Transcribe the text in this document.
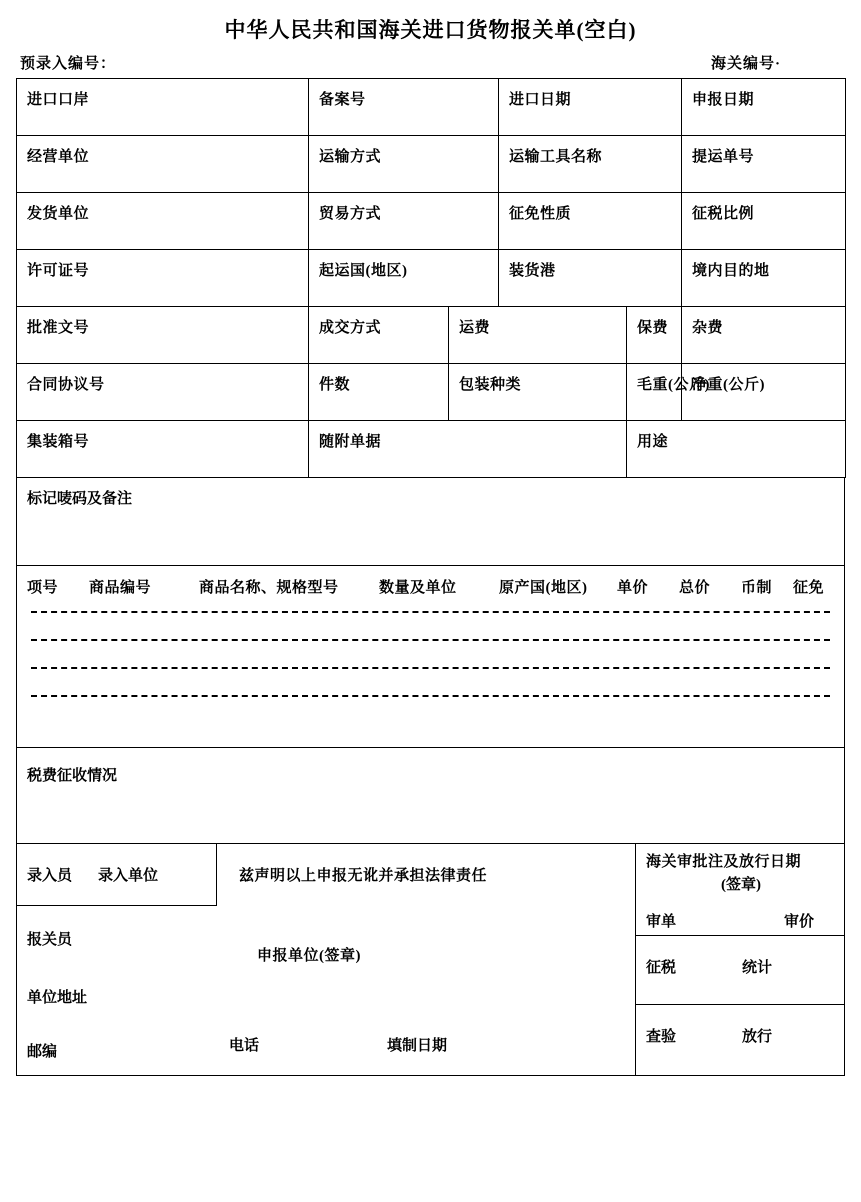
中华人民共和国海关进口货物报关单(空白)
预录入编号：	海关编号·
进口口岸	备案号		进口日期		申报日期
经营单位	运输方式		运输工具名称		提运单号
发货单位	贸易方式		征免性质		征税比例
许可证号	起运国(地区)		装货港		境内目的地
批准文号	成交方式	运费		保费	杂费
合同协议号	件数	包装种类		毛重(公斤)	净重(公斤)
集装箱号	随附单据			用途	
标记唛码及备注
项号	商品编号	商品名称、规格型号	数量及单位	原产国(地区)	单价	总价	币制	征免
税费征收情况
录入员 录入单位	兹声明以上申报无讹并承担法律责任
报关员
申报单位(签章)
单位地址
邮编	电话	填制日期
海关审批注及放行日期
(签章)
审单	审价
征税	统计
查验	放行
